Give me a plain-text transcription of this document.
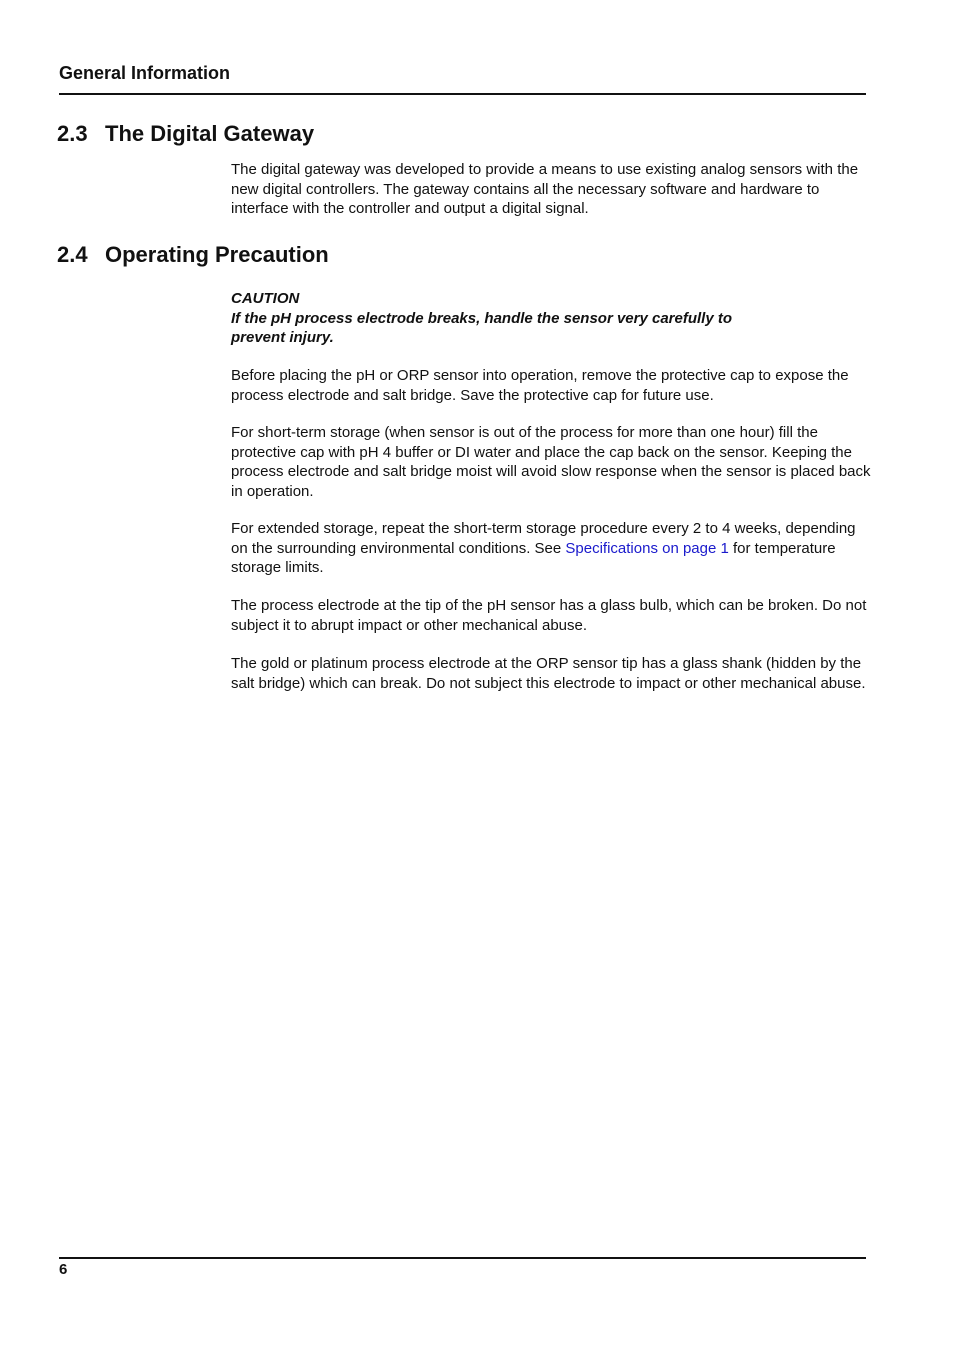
General Information
2.3 The Digital Gateway

The digital gateway was developed to provide a means to use existing analog sensors with the new digital controllers. The gateway contains all the necessary software and hardware to interface with the controller and output a digital signal.

2.4 Operating Precaution
CAUTION
If the pH process electrode breaks, handle the sensor very carefully to
prevent injury.

Before placing the pH or ORP sensor into operation, remove the protective cap to expose the process electrode and salt bridge. Save the protective cap for future use.

For short-term storage (when sensor is out of the process for more than one hour) fill the protective cap with pH 4 buffer or DI water and place the cap back on the sensor. Keeping the process electrode and salt bridge moist will avoid slow response when the sensor is placed back in operation.

For extended storage, repeat the short-term storage procedure every 2 to 4 weeks, depending on the surrounding environmental conditions. See Specifications on page 1 for temperature storage limits.

The process electrode at the tip of the pH sensor has a glass bulb, which can be broken. Do not subject it to abrupt impact or other mechanical abuse.

The gold or platinum process electrode at the ORP sensor tip has a glass shank (hidden by the salt bridge) which can break. Do not subject this electrode to impact or other mechanical abuse.

6
